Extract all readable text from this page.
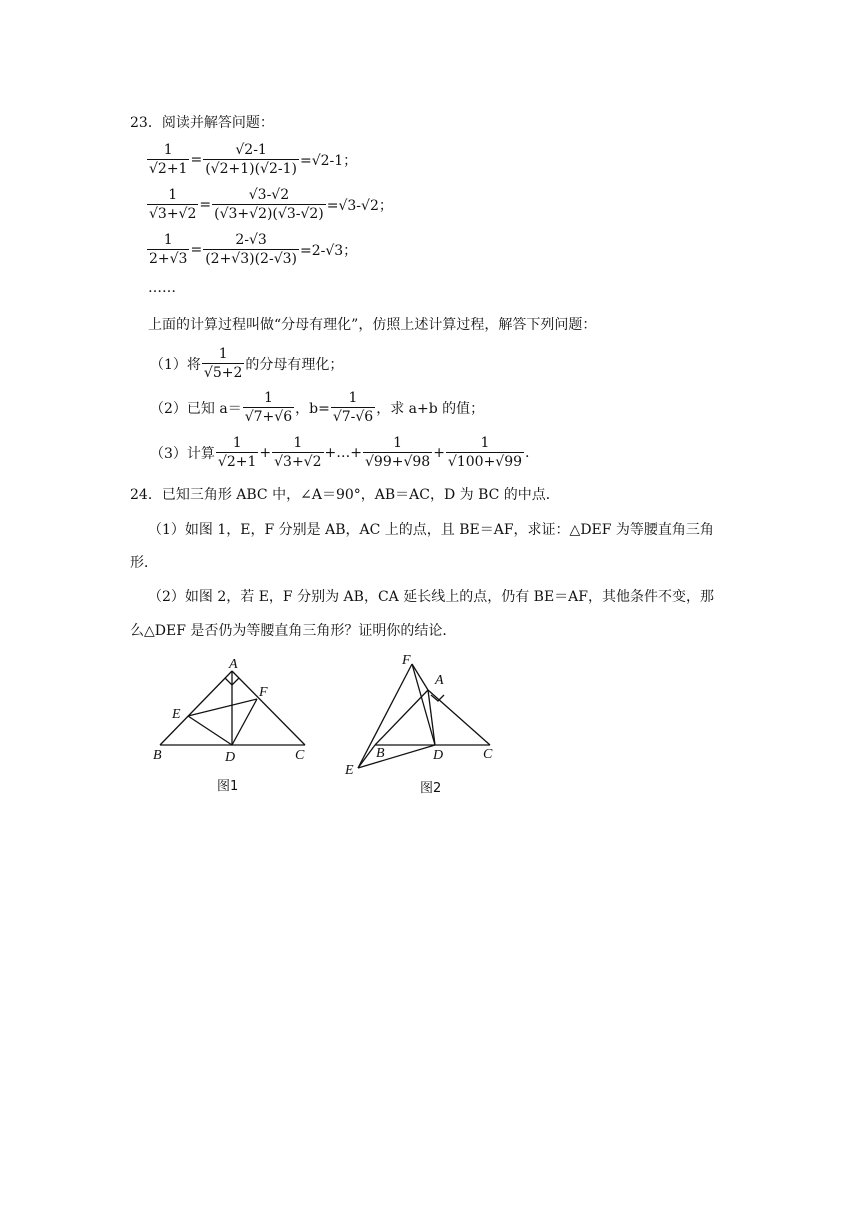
23．阅读并解答问题：
$\frac{1}{√2+1} = \frac{√2-1}{(√2+1)(√2-1)} =√2-1$；
$\frac{1}{√3+√2} = \frac{√3-√2}{(√3+√2)(√3-√2)} =√3-√2$；
$\frac{1}{2+√3} = \frac{2-√3}{(2+√3)(2-√3)} =2-√3$；
……
上面的计算过程叫做“分母有理化”，仿照上述计算过程，解答下列问题：
（1）将 $\frac{1}{√5+2}$ 的分母有理化；
（2）已知 $a= \frac{1}{√7+√6}$ ，$b= \frac{1}{√7-√6}$ ，求 a+b 的值；
（3）计算 $\frac{1}{√2+1} + \frac{1}{√3+√2}$ +…+ $\frac{1}{√99+√98} + \frac{1}{√100+√99}$ .
24．已知三角形 ABC 中，∠A＝90°，AB＝AC，D 为 BC 的中点．
（1）如图 1，E，F 分别是 AB，AC 上的点，且 BE＝AF，求证：△DEF 为等腰直角三角
形．
（2）如图 2，若 E，F 分别为 AB，CA 延长线上的点，仍有 BE＝AF，其他条件不变，那
么△DEF 是否仍为等腰直角三角形？证明你的结论．
A
F
E
B	D	C
图1
F
A
B	D	C
E
图2
